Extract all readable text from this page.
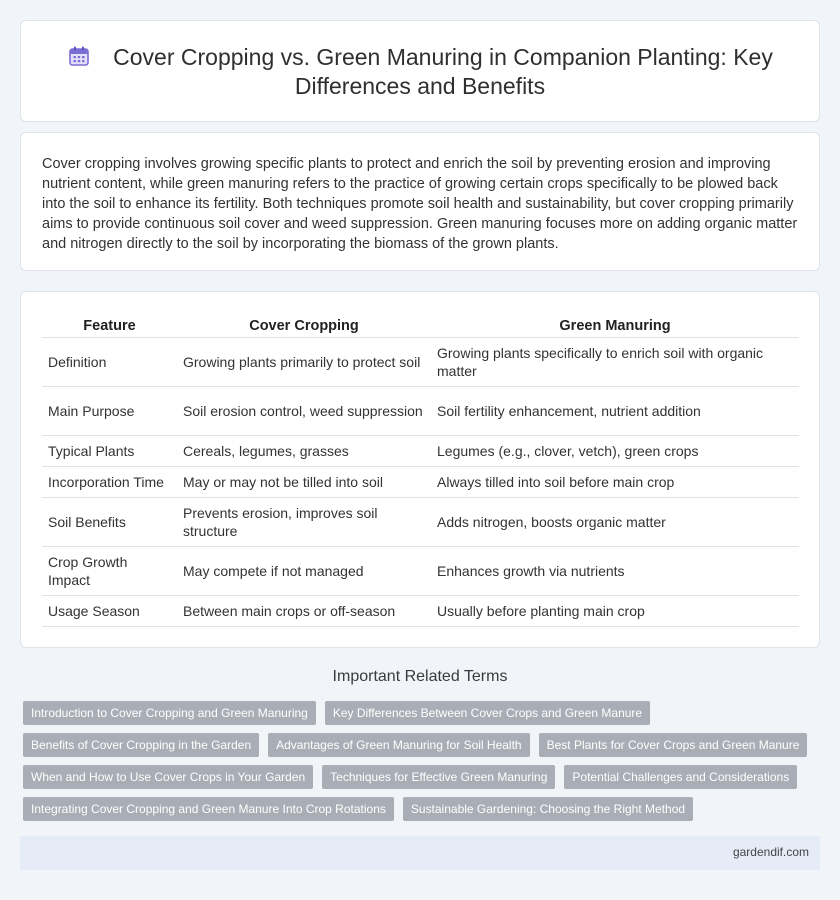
Cover Cropping vs. Green Manuring in Companion Planting: Key Differences and Benefits

Cover cropping involves growing specific plants to protect and enrich the soil by preventing erosion and improving nutrient content, while green manuring refers to the practice of growing certain crops specifically to be plowed back into the soil to enhance its fertility. Both techniques promote soil health and sustainability, but cover cropping primarily aims to provide continuous soil cover and weed suppression. Green manuring focuses more on adding organic matter and nitrogen directly to the soil by incorporating the biomass of the grown plants.

Feature	Cover Cropping	Green Manuring
Definition	Growing plants primarily to protect soil	Growing plants specifically to enrich soil with organic matter
Main Purpose	Soil erosion control, weed suppression	Soil fertility enhancement, nutrient addition
Typical Plants	Cereals, legumes, grasses	Legumes (e.g., clover, vetch), green crops
Incorporation Time	May or may not be tilled into soil	Always tilled into soil before main crop
Soil Benefits	Prevents erosion, improves soil structure	Adds nitrogen, boosts organic matter
Crop Growth Impact	May compete if not managed	Enhances growth via nutrients
Usage Season	Between main crops or off-season	Usually before planting main crop
Important Related Terms
Introduction to Cover Cropping and Green Manuring	Key Differences Between Cover Crops and Green Manure
Benefits of Cover Cropping in the Garden	Advantages of Green Manuring for Soil Health	Best Plants for Cover Crops and Green Manure
When and How to Use Cover Crops in Your Garden	Techniques for Effective Green Manuring	Potential Challenges and Considerations
Integrating Cover Cropping and Green Manure Into Crop Rotations	Sustainable Gardening: Choosing the Right Method
gardendif.com
